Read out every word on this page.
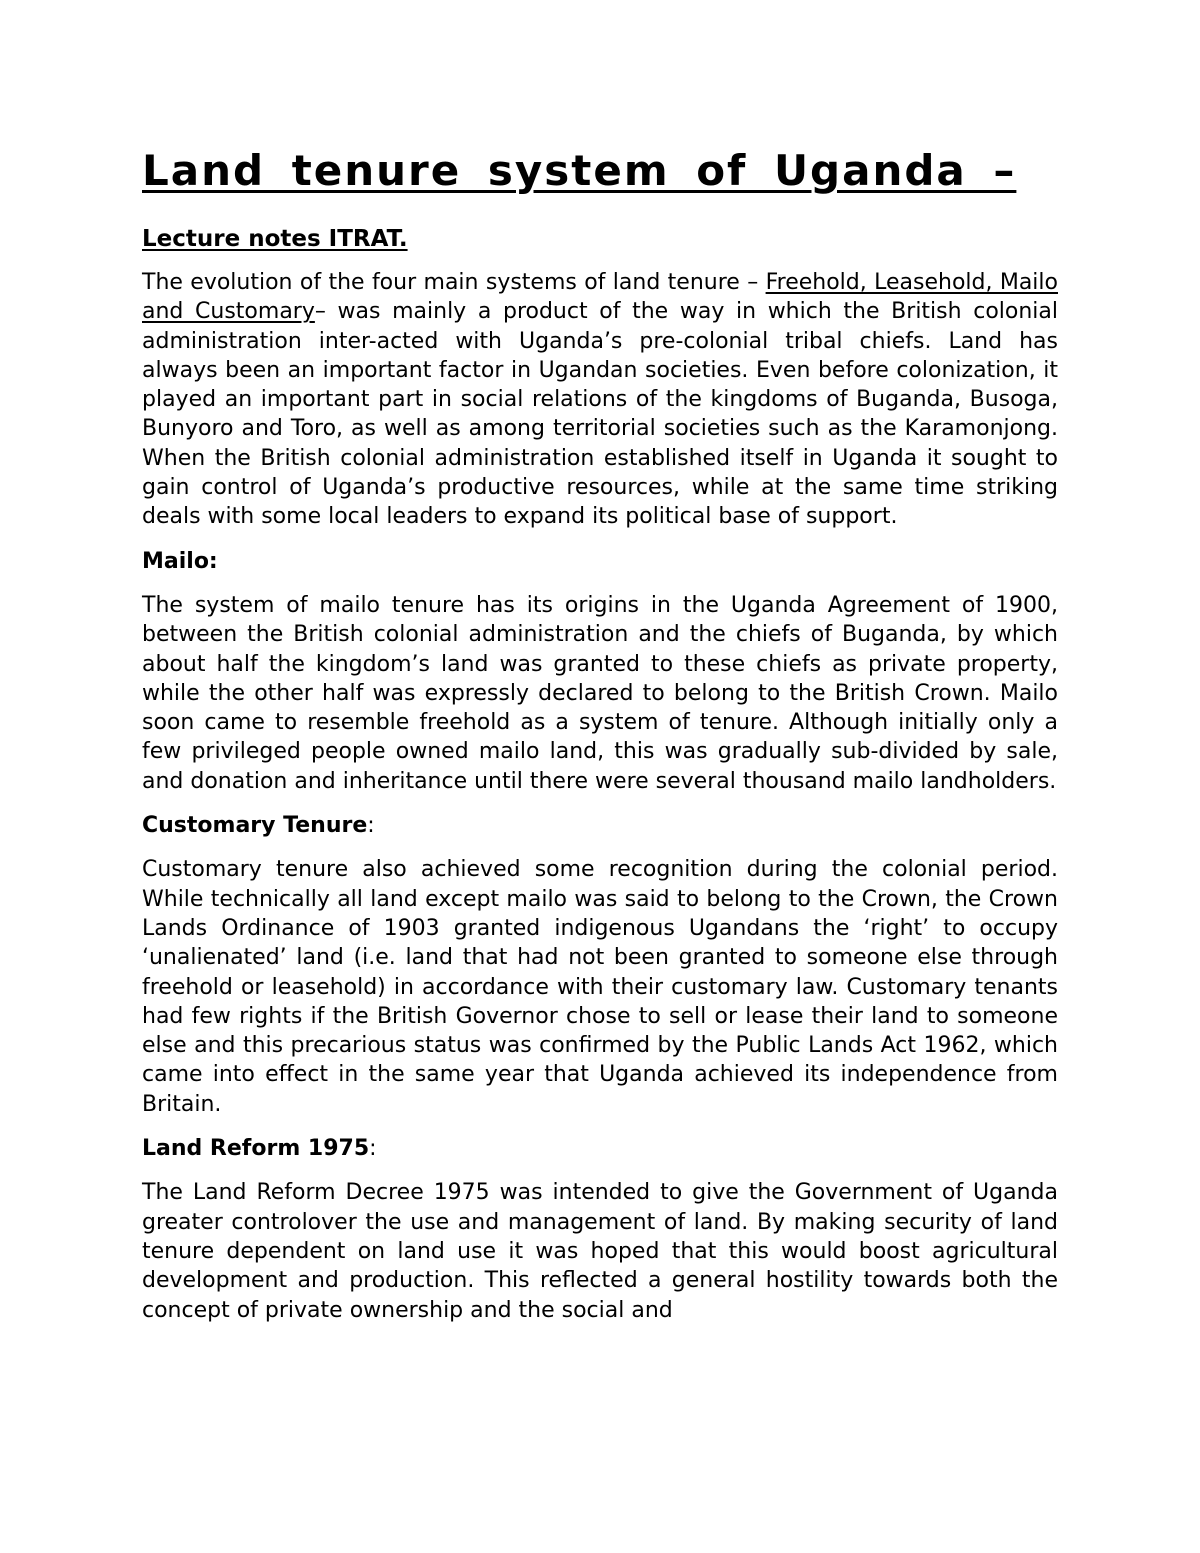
Land tenure system of Uganda –
Lecture notes ITRAT.

The evolution of the four main systems of land tenure – Freehold, Leasehold, Mailo and Customary– was mainly a product of the way in which the British colonial administration inter-acted with Uganda’s pre-colonial tribal chiefs. Land has always been an important factor in Ugandan societies. Even before colonization, it played an important part in social relations of the kingdoms of Buganda, Busoga, Bunyoro and Toro, as well as among territorial societies such as the Karamonjong. When the British colonial administration established itself in Uganda it sought to gain control of Uganda’s productive resources, while at the same time striking deals with some local leaders to expand its political base of support.

Mailo:

The system of mailo tenure has its origins in the Uganda Agreement of 1900, between the British colonial administration and the chiefs of Buganda, by which about half the kingdom’s land was granted to these chiefs as private property, while the other half was expressly declared to belong to the British Crown. Mailo soon came to resemble freehold as a system of tenure. Although initially only a few privileged people owned mailo land, this was gradually sub-divided by sale, and donation and inheritance until there were several thousand mailo landholders.

Customary Tenure:

Customary tenure also achieved some recognition during the colonial period. While technically all land except mailo was said to belong to the Crown, the Crown Lands Ordinance of 1903 granted indigenous Ugandans the ‘right’ to occupy ‘unalienated’ land (i.e. land that had not been granted to someone else through freehold or leasehold) in accordance with their customary law. Customary tenants had few rights if the British Governor chose to sell or lease their land to someone else and this precarious status was confirmed by the Public Lands Act 1962, which came into effect in the same year that Uganda achieved its independence from Britain.

Land Reform 1975:

The Land Reform Decree 1975 was intended to give the Government of Uganda greater controlover the use and management of land. By making security of land tenure dependent on land use it was hoped that this would boost agricultural development and production. This reflected a general hostility towards both the concept of private ownership and the social and
